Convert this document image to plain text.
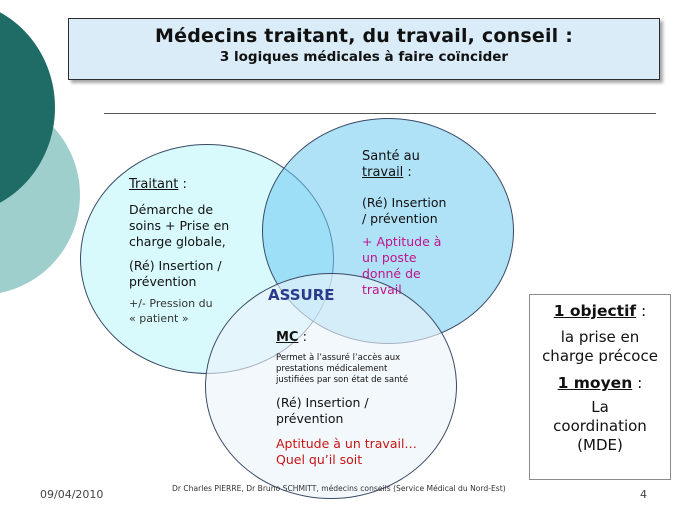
Médecins traitant, du travail, conseil :
3 logiques médicales à faire coïncider
Traitant :
Démarche de
soins + Prise en
charge globale,
(Ré) Insertion /
prévention
+/- Pression du
« patient »
Santé au
travail :
(Ré) Insertion
/ prévention
+ Aptitude à
un poste
donné de
travail
ASSURE
MC :
Permet à l’assuré l’accès aux
prestations médicalement
justifiées par son état de santé
(Ré) Insertion /
prévention
Aptitude à un travail…
Quel qu’il soit
1 objectif :
la prise en
charge précoce
1 moyen :
La
coordination
(MDE)
09/04/2010	Dr Charles PIERRE, Dr Bruno SCHMITT, médecins conseils (Service Médical du Nord-Est)	4
